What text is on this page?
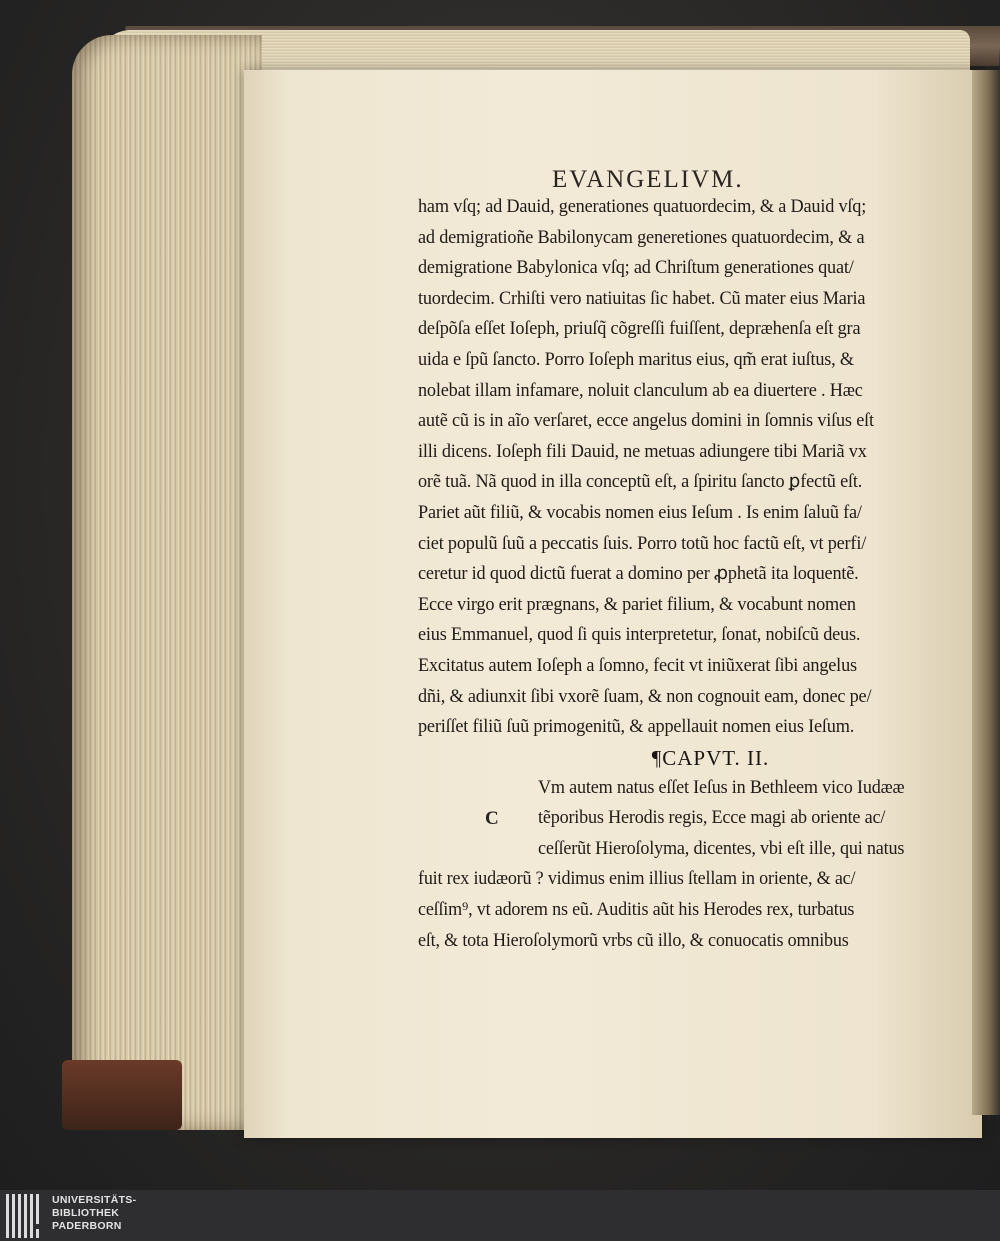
EVANGELIVM.
ham vſq; ad Dauid, generationes quatuordecim, & a Dauid vſq;
ad demigratioñe Babilonycam generetiones quatuordecim, & a
demigratione Babylonica vſq; ad Chriſtum generationes quat/
tuordecim. Crhiſti vero natiuitas ſic habet. Cũ mater eius Maria
deſpõſa eſſet Ioſeph, priuſq̃ cõgreſſi fuiſſent, depræhenſa eſt gra
uida e ſpũ ſancto. Porro Ioſeph maritus eius, qm̃ erat iuſtus, &
nolebat illam infamare, noluit clanculum ab ea diuertere . Hæc
autẽ cũ is in aĩo verſaret, ecce angelus domini in ſomnis viſus eſt
illi dicens. Ioſeph fili Dauid, ne metuas adiungere tibi Mariã vx
orẽ tuã. Nã quod in illa conceptũ eſt, a ſpiritu ſancto ꝑfectũ eſt.
Pariet aũt filiũ, & vocabis nomen eius Ieſum . Is enim ſaluũ fa/
ciet populũ ſuũ a peccatis ſuis. Porro totũ hoc factũ eſt, vt perfi/
ceretur id quod dictũ fuerat a domino per ꝓphetã ita loquentẽ.
Ecce virgo erit prægnans, & pariet filium, & vocabunt nomen
eius Emmanuel, quod ſi quis interpretetur, ſonat, nobiſcũ deus.
Excitatus autem Ioſeph a ſomno, fecit vt iniũxerat ſibi angelus
dñi, & adiunxit ſibi vxorẽ ſuam, & non cognouit eam, donec pe/
periſſet filiũ ſuũ primogenitũ, & appellauit nomen eius Ieſum.
¶CAPVT. II.
Vm autem natus eſſet Ieſus in Bethleem vico Iudææ
tẽporibus Herodis regis, Ecce magi ab oriente ac/
ceſſerũt Hieroſolyma, dicentes, vbi eſt ille, qui natus
fuit rex iudæorũ ? vidimus enim illius ſtellam in oriente, & ac/
ceſſim⁹, vt adorem ns eũ. Auditis aũt his Herodes rex, turbatus
eſt, & tota Hieroſolymorũ vrbs cũ illo, & conuocatis omnibus
C
UNIVERSITÄTS-
BIBLIOTHEK
PADERBORN
